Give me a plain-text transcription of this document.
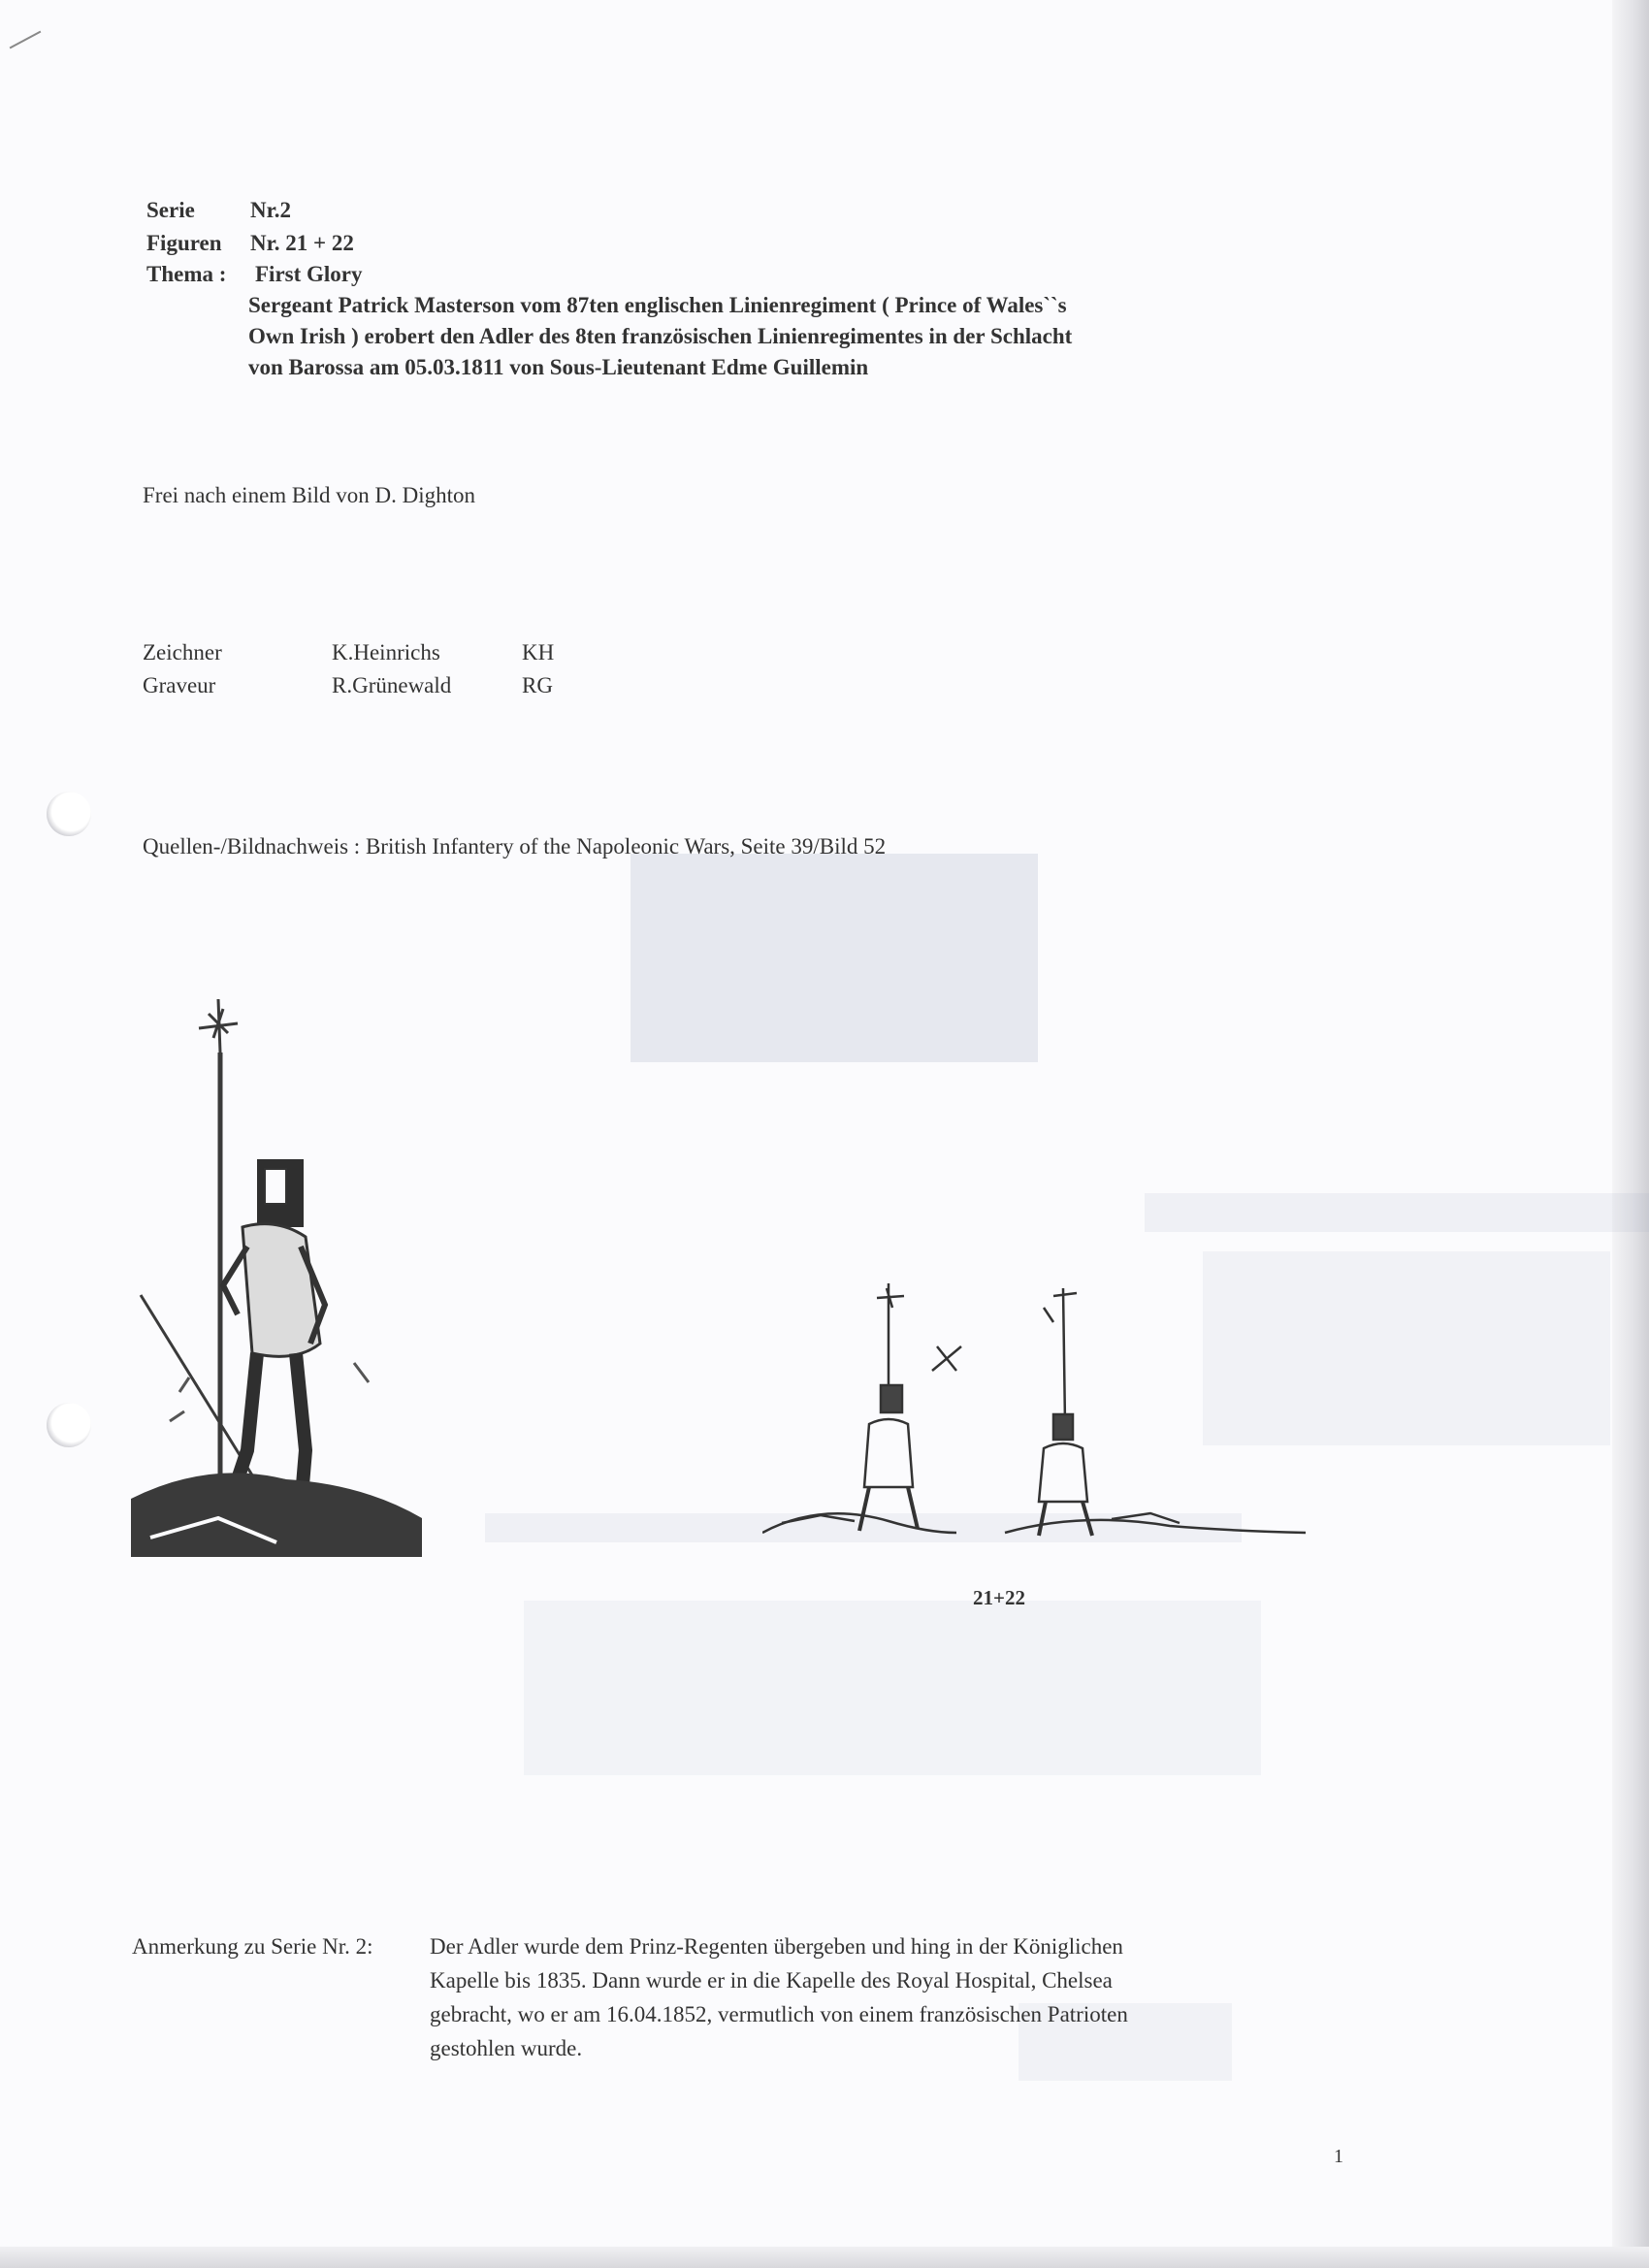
Serie Nr.2
Figuren Nr. 21 + 22
Thema : First Glory
Sergeant Patrick Masterson vom 87ten englischen Linienregiment ( Prince of Wales``s
Own Irish ) erobert den Adler des 8ten französischen Linienregimentes in der Schlacht
von Barossa am 05.03.1811 von Sous-Lieutenant Edme Guillemin
Frei nach einem Bild von D. Dighton
Zeichner	K.Heinrichs	KH
Graveur	R.Grünewald	RG
Quellen-/Bildnachweis : British Infantery of the Napoleonic Wars, Seite 39/Bild 52
21+22
Anmerkung zu Serie Nr. 2:	Der Adler wurde dem Prinz-Regenten übergeben und hing in der Königlichen
Kapelle bis 1835. Dann wurde er in die Kapelle des Royal Hospital, Chelsea
gebracht, wo er am 16.04.1852, vermutlich von einem französischen Patrioten
gestohlen wurde.
1
